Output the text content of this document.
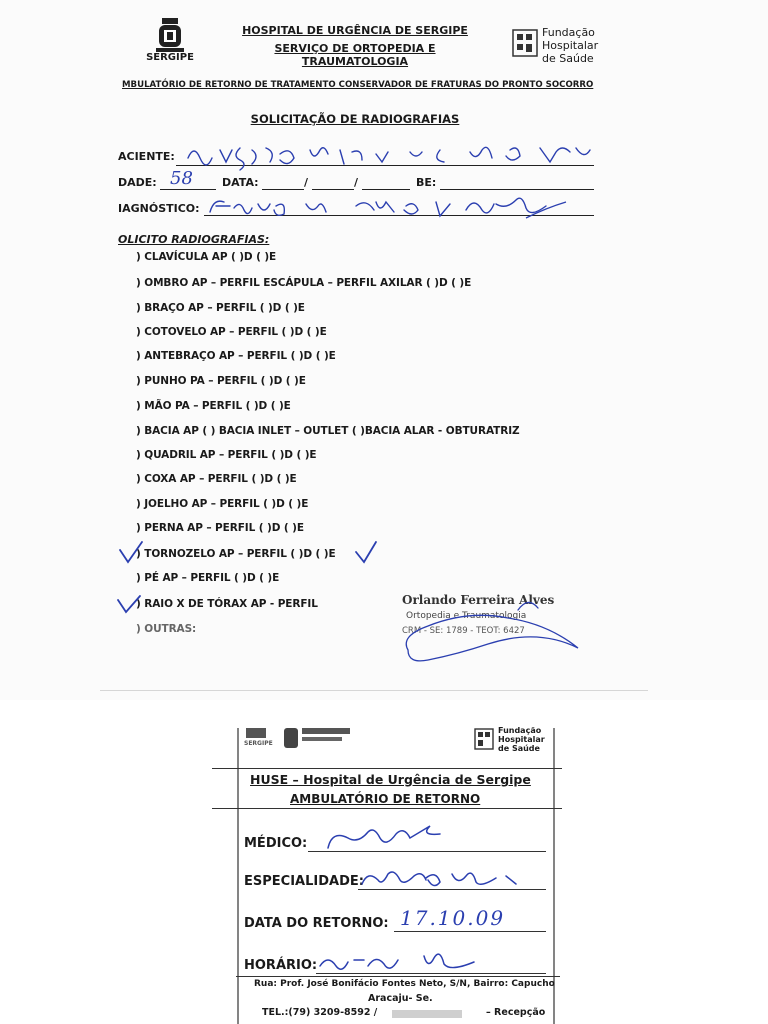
SERGIPE
HOSPITAL DE URGÊNCIA DE SERGIPE
SERVIÇO DE ORTOPEDIA E TRAUMATOLOGIA
Fundação
Hospitalar
de Saúde
MBULATÓRIO DE RETORNO DE TRATAMENTO CONSERVADOR DE FRATURAS DO PRONTO SOCORRO
SOLICITAÇÃO DE RADIOGRAFIAS
ACIENTE:
DADE: 58	DATA:	/	/	BE:
IAGNÓSTICO:
OLICITO RADIOGRAFIAS:
) CLAVÍCULA AP ( )D ( )E
) OMBRO AP – PERFIL ESCÁPULA – PERFIL AXILAR ( )D ( )E
) BRAÇO AP – PERFIL ( )D ( )E
) COTOVELO AP – PERFIL ( )D ( )E
) ANTEBRAÇO AP – PERFIL ( )D ( )E
) PUNHO PA – PERFIL ( )D ( )E
) MÃO PA – PERFIL ( )D ( )E
) BACIA AP ( ) BACIA INLET – OUTLET ( )BACIA ALAR - OBTURATRIZ
) QUADRIL AP – PERFIL ( )D ( )E
) COXA AP – PERFIL ( )D ( )E
) JOELHO AP – PERFIL ( )D ( )E
) PERNA AP – PERFIL ( )D ( )E
) TORNOZELO AP – PERFIL ( )D ( )E
) PÉ AP – PERFIL ( )D ( )E
) RAIO X DE TÓRAX AP - PERFIL
) OUTRAS:
Orlando Ferreira Alves
Ortopedia e Traumatologia
CRM - SE: 1789 - TEOT: 6427
SERGIPE
Fundação
Hospitalar
de Saúde
HUSE – Hospital de Urgência de Sergipe
AMBULATÓRIO DE RETORNO
MÉDICO:
ESPECIALIDADE:
DATA DO RETORNO: 17.10.09
HORÁRIO:
Rua: Prof. José Bonifácio Fontes Neto, S/N, Bairro: Capucho
Aracaju- Se.
TEL.:(79) 3209-8592 /	– Recepção
